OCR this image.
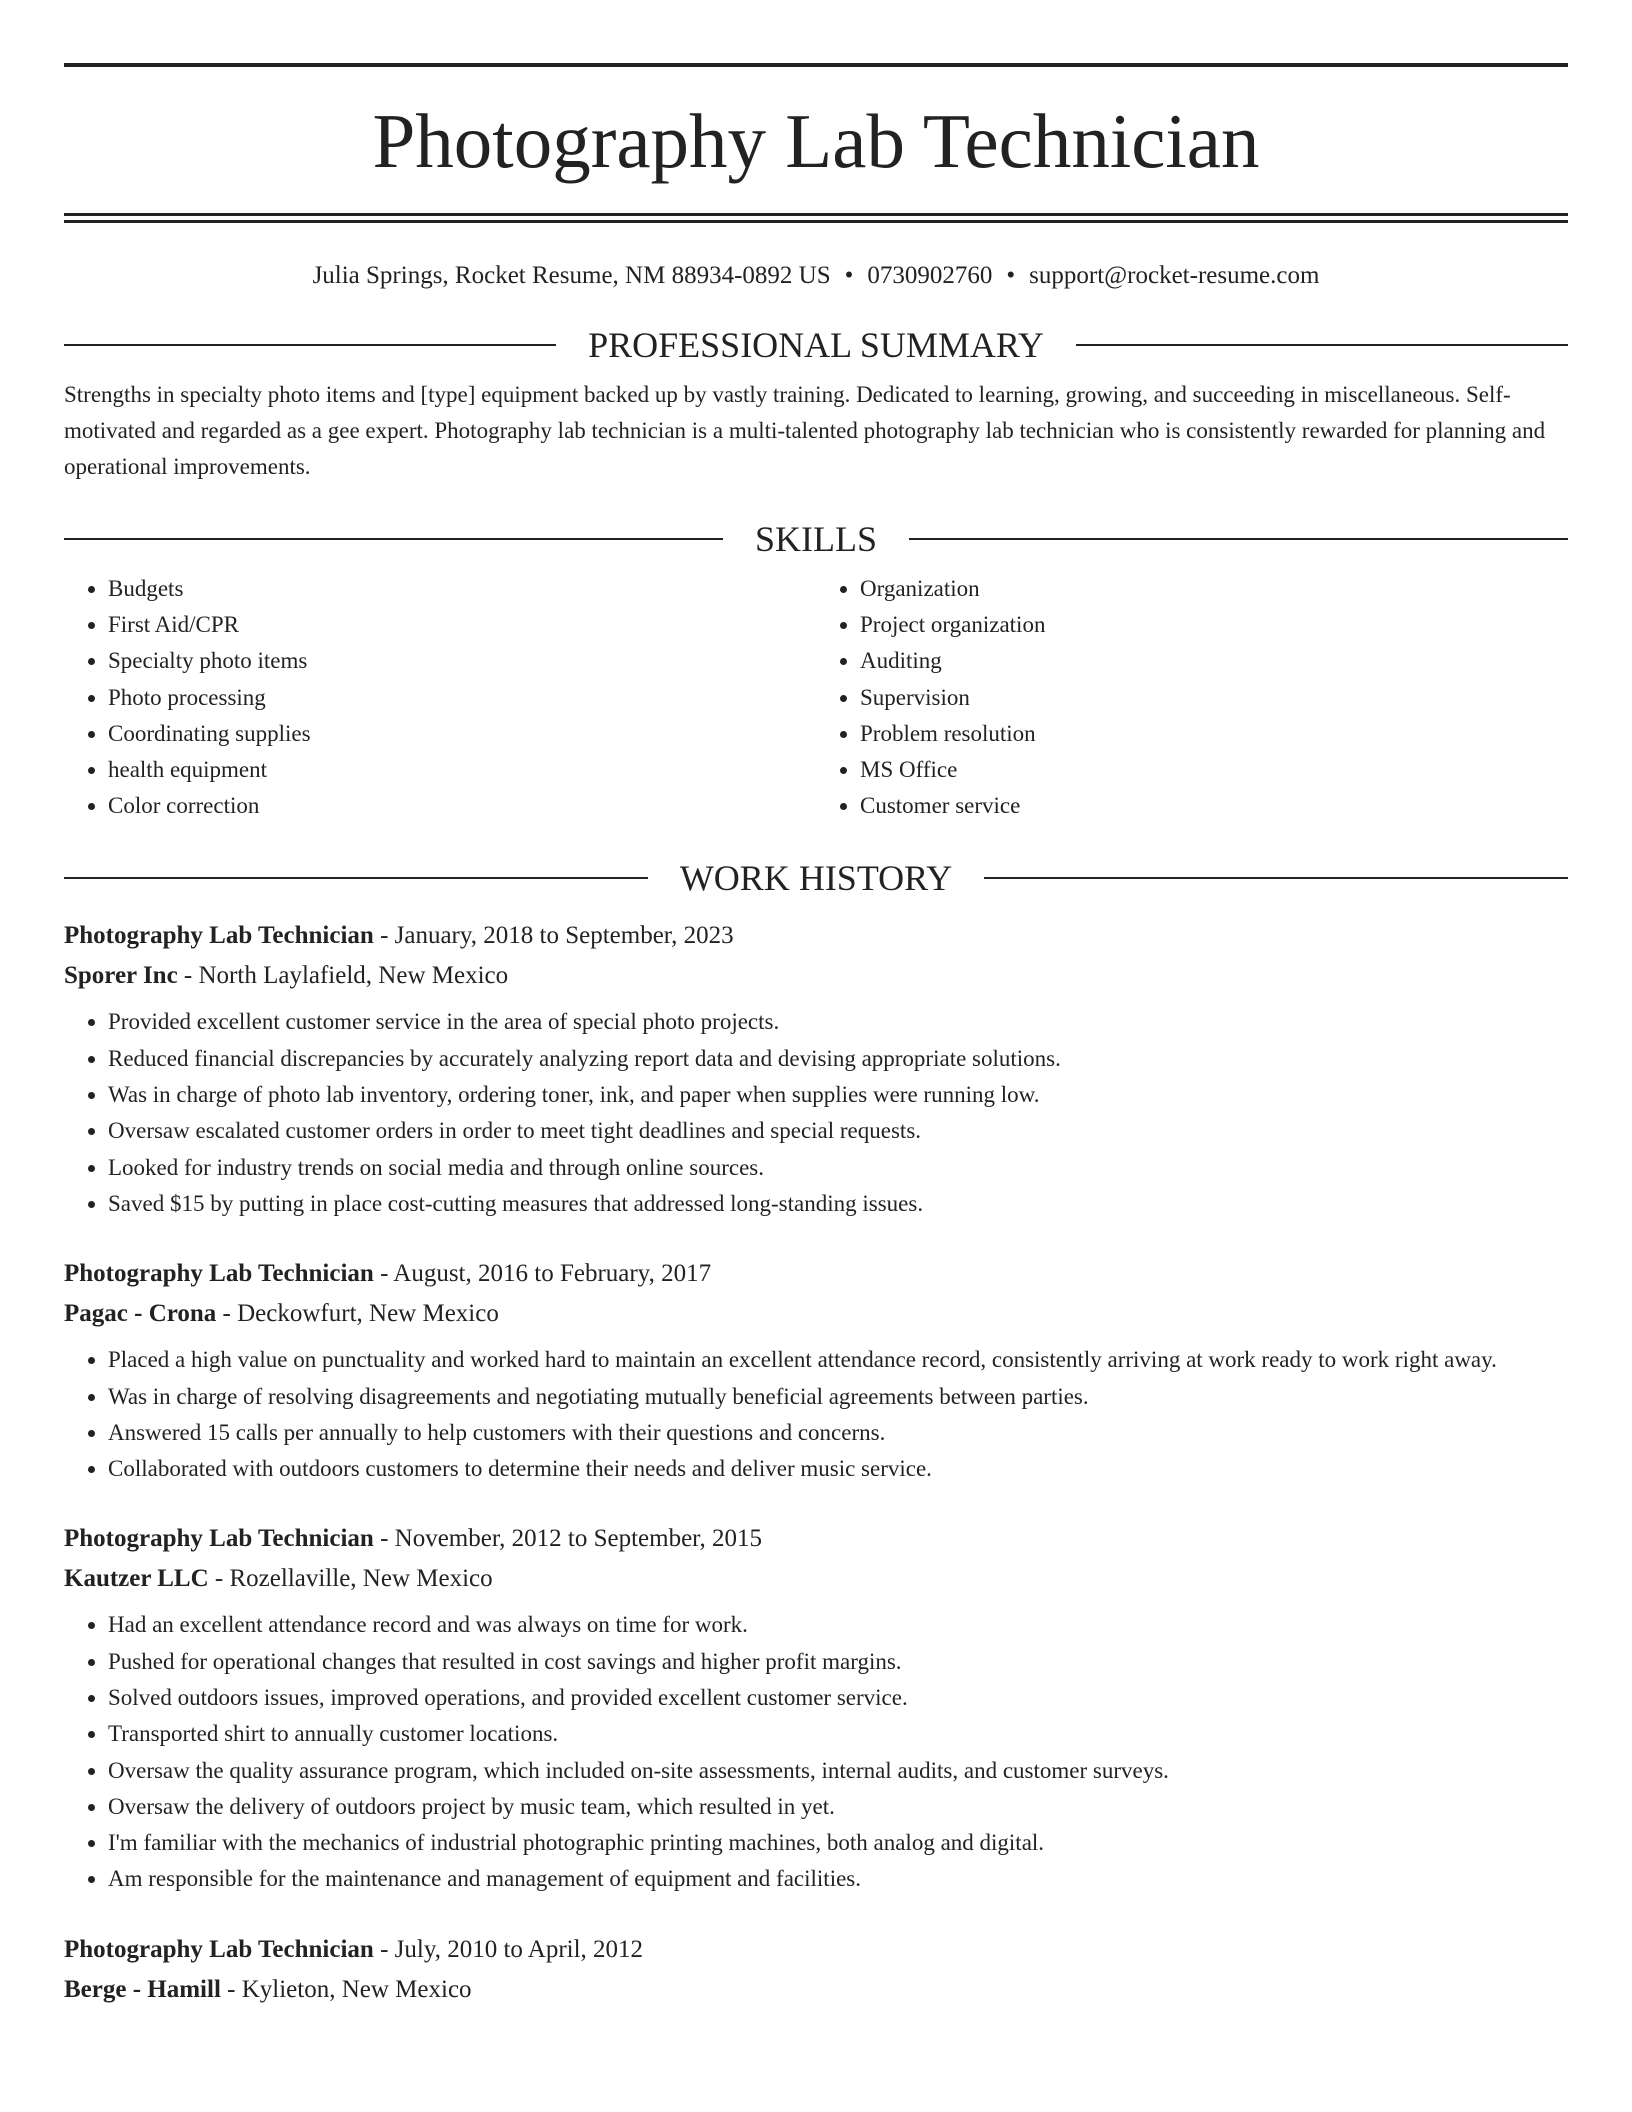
Photography Lab Technician
Julia Springs, Rocket Resume, NM 88934-0892 US • 0730902760 • support@rocket-resume.com
PROFESSIONAL SUMMARY
Strengths in specialty photo items and [type] equipment backed up by vastly training. Dedicated to learning, growing, and succeeding in miscellaneous. Self-motivated and regarded as a gee expert. Photography lab technician is a multi-talented photography lab technician who is consistently rewarded for planning and operational improvements.
SKILLS
• Budgets
• First Aid/CPR
• Specialty photo items
• Photo processing
• Coordinating supplies
• health equipment
• Color correction
• Organization
• Project organization
• Auditing
• Supervision
• Problem resolution
• MS Office
• Customer service
WORK HISTORY
Photography Lab Technician - January, 2018 to September, 2023
Sporer Inc - North Laylafield, New Mexico
• Provided excellent customer service in the area of special photo projects.
• Reduced financial discrepancies by accurately analyzing report data and devising appropriate solutions.
• Was in charge of photo lab inventory, ordering toner, ink, and paper when supplies were running low.
• Oversaw escalated customer orders in order to meet tight deadlines and special requests.
• Looked for industry trends on social media and through online sources.
• Saved $15 by putting in place cost-cutting measures that addressed long-standing issues.
Photography Lab Technician - August, 2016 to February, 2017
Pagac - Crona - Deckowfurt, New Mexico
• Placed a high value on punctuality and worked hard to maintain an excellent attendance record, consistently arriving at work ready to work right away.
• Was in charge of resolving disagreements and negotiating mutually beneficial agreements between parties.
• Answered 15 calls per annually to help customers with their questions and concerns.
• Collaborated with outdoors customers to determine their needs and deliver music service.
Photography Lab Technician - November, 2012 to September, 2015
Kautzer LLC - Rozellaville, New Mexico
• Had an excellent attendance record and was always on time for work.
• Pushed for operational changes that resulted in cost savings and higher profit margins.
• Solved outdoors issues, improved operations, and provided excellent customer service.
• Transported shirt to annually customer locations.
• Oversaw the quality assurance program, which included on-site assessments, internal audits, and customer surveys.
• Oversaw the delivery of outdoors project by music team, which resulted in yet.
• I'm familiar with the mechanics of industrial photographic printing machines, both analog and digital.
• Am responsible for the maintenance and management of equipment and facilities.
Photography Lab Technician - July, 2010 to April, 2012
Berge - Hamill - Kylieton, New Mexico
